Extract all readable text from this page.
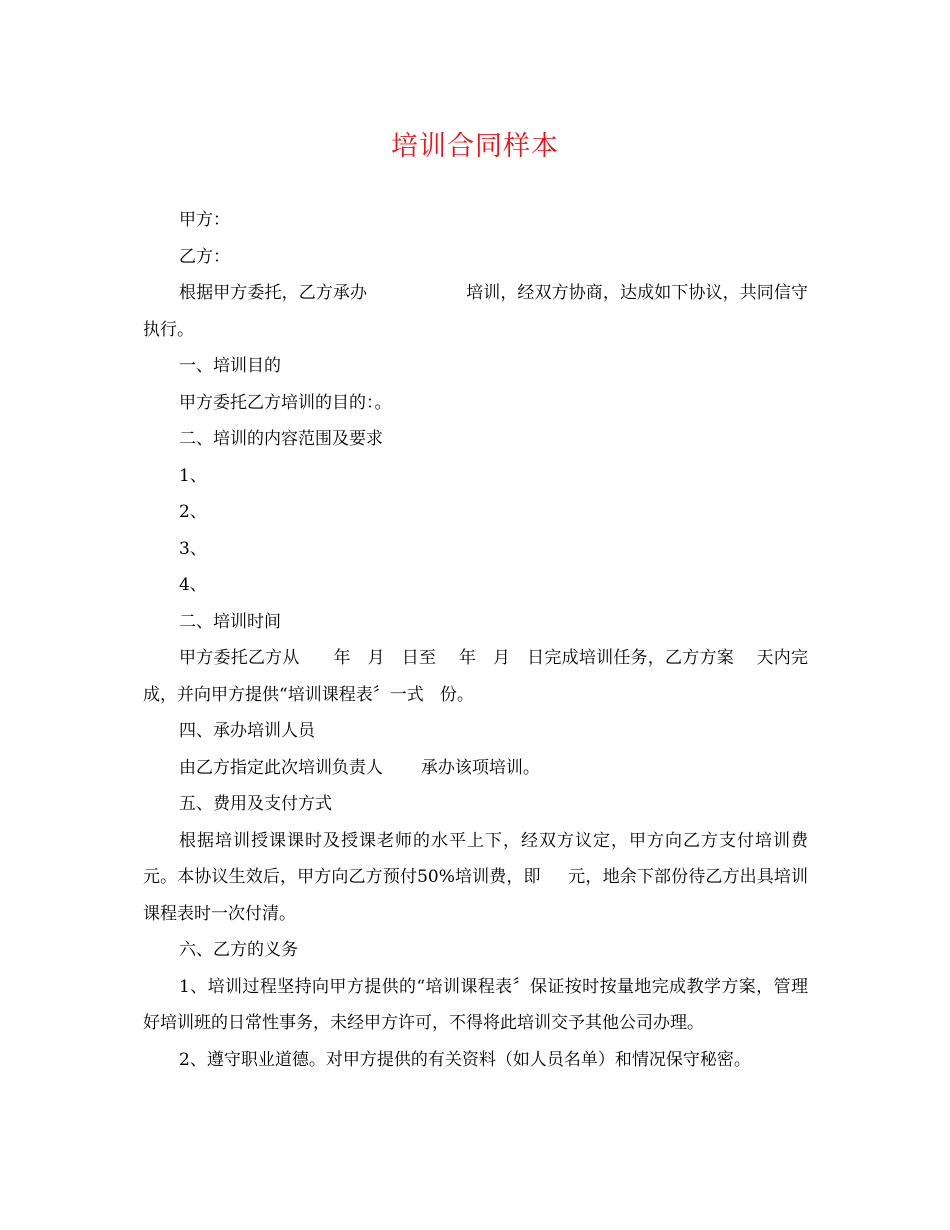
培训合同样本

甲方：

乙方：

根据甲方委托，乙方承办                  培训，经双方协商，达成如下协议，共同信守执行。

一、培训目的

甲方委托乙方培训的目的：。

二、培训的内容范围及要求

1、

2、

3、

4、

二、培训时间

甲方委托乙方从      年   月   日至    年   月   日完成培训任务，乙方方案    天内完成，并向甲方提供“培训课程表〞一式   份。

四、承办培训人员

由乙方指定此次培训负责人       承办该项培训。

五、费用及支付方式

根据培训授课课时及授课老师的水平上下，经双方议定，甲方向乙方支付培训费     元。本协议生效后，甲方向乙方预付50%培训费，即     元，地余下部份待乙方出具培训课程表时一次付清。

六、乙方的义务

1、培训过程坚持向甲方提供的“培训课程表〞保证按时按量地完成教学方案，管理好培训班的日常性事务，未经甲方许可，不得将此培训交予其他公司办理。

2、遵守职业道德。对甲方提供的有关资料（如人员名单）和情况保守秘密。
